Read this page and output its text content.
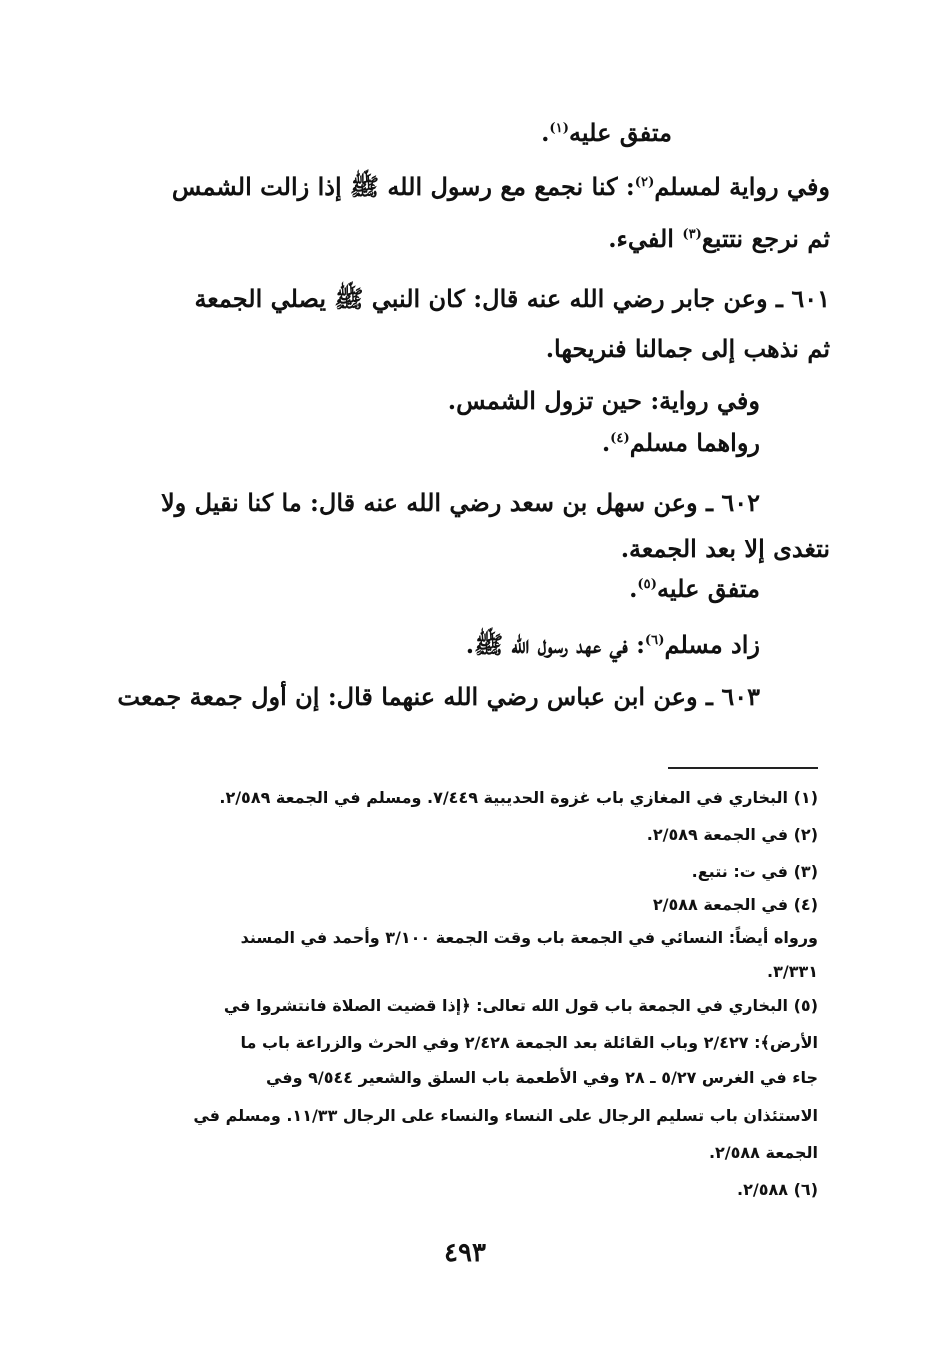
متفق عليه$^{(١)}$.
وفي رواية لمسلم$^{(٢)}$: كنا نجمع مع رسول الله ﷺ إذا زالت الشمس
ثم نرجع نتتبع$^{(٣)}$ الفيء.
٦٠١ ـ وعن جابر رضي الله عنه قال: كان النبي ﷺ يصلي الجمعة
ثم نذهب إلى جمالنا فنريحها.
وفي رواية: حين تزول الشمس.
رواهما مسلم$^{(٤)}$.
٦٠٢ ـ وعن سهل بن سعد رضي الله عنه قال: ما كنا نقيل ولا
نتغدى إلا بعد الجمعة.
متفق عليه$^{(٥)}$.
زاد مسلم$^{(٦)}$: في عهد رسول الله ﷺ.
٦٠٣ ـ وعن ابن عباس رضي الله عنهما قال: إن أول جمعة جمعت
(١) البخاري في المغازي باب غزوة الحديبية ٧/٤٤٩. ومسلم في الجمعة ٢/٥٨٩.
(٢) في الجمعة ٢/٥٨٩.
(٣) في ت: نتبع.
(٤) في الجمعة ٢/٥٨٨
ورواه أيضاً: النسائي في الجمعة باب وقت الجمعة ٣/١٠٠ وأحمد في المسند
٣/٣٣١.
(٥) البخاري في الجمعة باب قول الله تعالى: ﴿إذا قضيت الصلاة فانتشروا في
الأرض﴾: ٢/٤٢٧ وباب القائلة بعد الجمعة ٢/٤٢٨ وفي الحرث والزراعة باب ما
جاء في الغرس ٥/٢٧ ـ ٢٨ وفي الأطعمة باب السلق والشعير ٩/٥٤٤ وفي
الاستئذان باب تسليم الرجال على النساء والنساء على الرجال ١١/٣٣. ومسلم في
الجمعة ٢/٥٨٨.
(٦) ٢/٥٨٨.
٤٩٣
